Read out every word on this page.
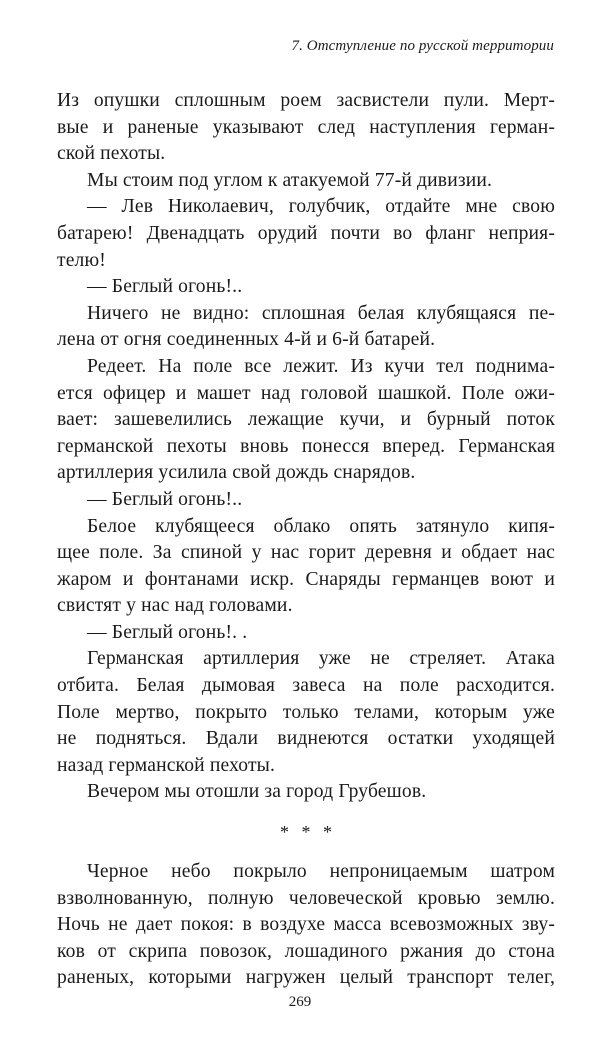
7. Отступление по русской территории
Из опушки сплошным роем засвистели пули. Мерт-
вые и раненые указывают след наступления герман-
ской пехоты.
Мы стоим под углом к атакуемой 77-й дивизии.
— Лев Николаевич, голубчик, отдайте мне свою
батарею! Двенадцать орудий почти во фланг неприя-
телю!
— Беглый огонь!..
Ничего не видно: сплошная белая клубящаяся пе-
лена от огня соединенных 4-й и 6-й батарей.
Редеет. На поле все лежит. Из кучи тел поднима-
ется офицер и машет над головой шашкой. Поле ожи-
вает: зашевелились лежащие кучи, и бурный поток
германской пехоты вновь понесся вперед. Германская
артиллерия усилила свой дождь снарядов.
— Беглый огонь!..
Белое клубящееся облако опять затянуло кипя-
щее поле. За спиной у нас горит деревня и обдает нас
жаром и фонтанами искр. Снаряды германцев воют и
свистят у нас над головами.
— Беглый огонь!. .
Германская артиллерия уже не стреляет. Атака
отбита. Белая дымовая завеса на поле расходится.
Поле мертво, покрыто только телами, которым уже
не подняться. Вдали виднеются остатки уходящей
назад германской пехоты.
Вечером мы отошли за город Грубешов.
* * *
Черное небо покрыло непроницаемым шатром
взволнованную, полную человеческой кровью землю.
Ночь не дает покоя: в воздухе масса всевозможных зву-
ков от скрипа повозок, лошадиного ржания до стона
раненых, которыми нагружен целый транспорт телег,
269
